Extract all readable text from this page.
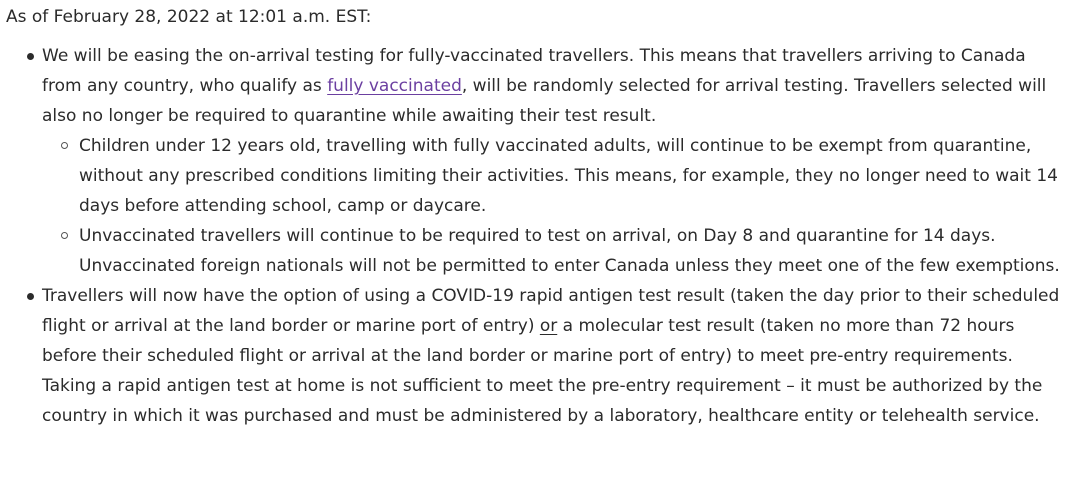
As of February 28, 2022 at 12:01 a.m. EST:
We will be easing the on-arrival testing for fully-vaccinated travellers. This means that travellers arriving to Canada from any country, who qualify as fully vaccinated, will be randomly selected for arrival testing. Travellers selected will also no longer be required to quarantine while awaiting their test result.
Children under 12 years old, travelling with fully vaccinated adults, will continue to be exempt from quarantine, without any prescribed conditions limiting their activities. This means, for example, they no longer need to wait 14 days before attending school, camp or daycare.
Unvaccinated travellers will continue to be required to test on arrival, on Day 8 and quarantine for 14 days. Unvaccinated foreign nationals will not be permitted to enter Canada unless they meet one of the few exemptions.
Travellers will now have the option of using a COVID-19 rapid antigen test result (taken the day prior to their scheduled flight or arrival at the land border or marine port of entry) or a molecular test result (taken no more than 72 hours before their scheduled flight or arrival at the land border or marine port of entry) to meet pre-entry requirements. Taking a rapid antigen test at home is not sufficient to meet the pre-entry requirement – it must be authorized by the country in which it was purchased and must be administered by a laboratory, healthcare entity or telehealth service.
